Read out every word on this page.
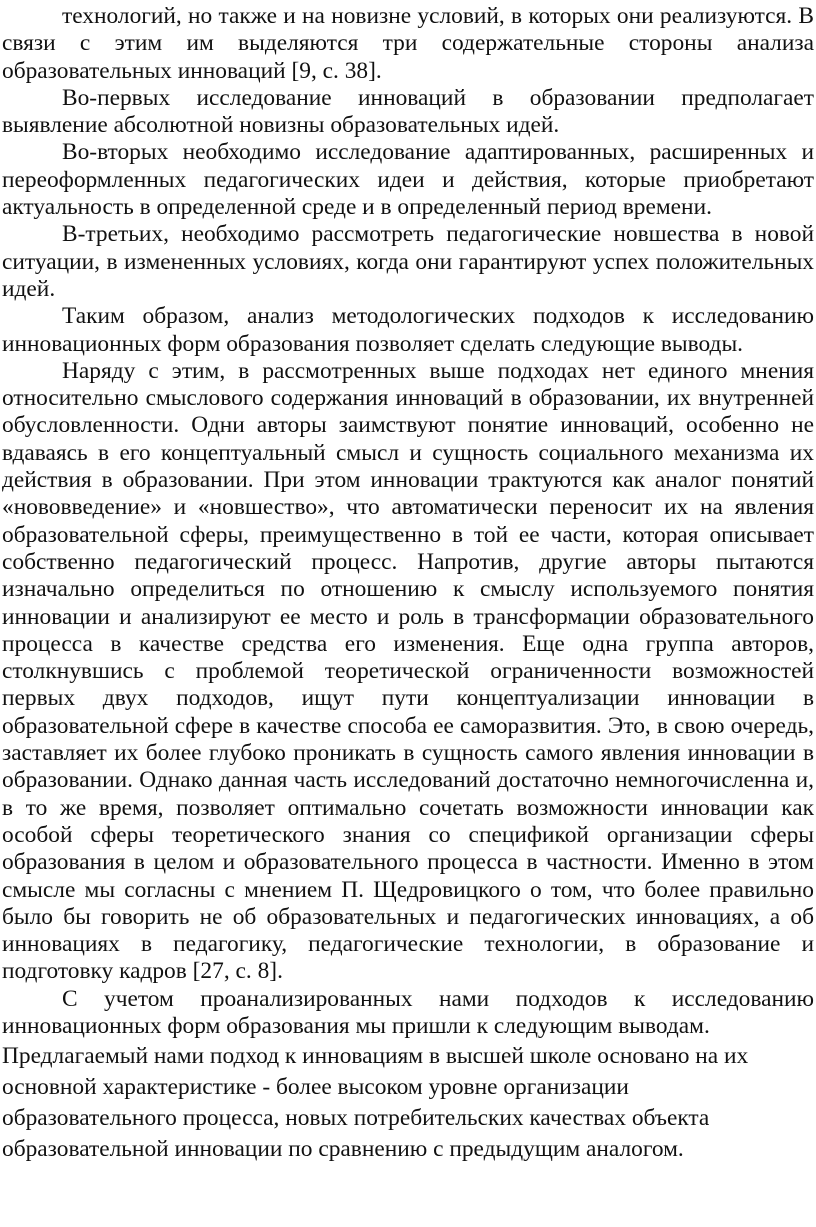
технологий, но также и на новизне условий, в которых они реализуются. В связи с этим им выделяются три содержательные стороны анализа образовательных инноваций [9, с. 38].

Во-первых исследование инноваций в образовании предполагает выявление абсолютной новизны образовательных идей.

Во-вторых необходимо исследование адаптированных, расширенных и переоформленных педагогических идеи и действия, которые приобретают актуальность в определенной среде и в определенный период времени.

В-третьих, необходимо рассмотреть педагогические новшества в новой ситуации, в измененных условиях, когда они гарантируют успех положительных идей.

Таким образом, анализ методологических подходов к исследованию инновационных форм образования позволяет сделать следующие выводы.

Наряду с этим, в рассмотренных выше подходах нет единого мнения относительно смыслового содержания инноваций в образовании, их внутренней обусловленности. Одни авторы заимствуют понятие инноваций, особенно не вдаваясь в его концептуальный смысл и сущность социального механизма их действия в образовании. При этом инновации трактуются как аналог понятий «нововведение» и «новшество», что автоматически переносит их на явления образовательной сферы, преимущественно в той ее части, которая описывает собственно педагогический процесс. Напротив, другие авторы пытаются изначально определиться по отношению к смыслу используемого понятия инновации и анализируют ее место и роль в трансформации образовательного процесса в качестве средства его изменения. Еще одна группа авторов, столкнувшись с проблемой теоретической ограниченности возможностей первых двух подходов, ищут пути концептуализации инновации в образовательной сфере в качестве способа ее саморазвития. Это, в свою очередь, заставляет их более глубоко проникать в сущность самого явления инновации в образовании. Однако данная часть исследований достаточно немногочисленна и, в то же время, позволяет оптимально сочетать возможности инновации как особой сферы теоретического знания со спецификой организации сферы образования в целом и образовательного процесса в частности. Именно в этом смысле мы согласны с мнением П. Щедровицкого о том, что более правильно было бы говорить не об образовательных и педагогических инновациях, а об инновациях в педагогику, педагогические технологии, в образование и подготовку кадров [27, с. 8].

С учетом проанализированных нами подходов к исследованию инновационных форм образования мы пришли к следующим выводам.

Предлагаемый нами подход к инновациям в высшей школе основано на их
основной характеристике - более высоком уровне организации
образовательного процесса, новых потребительских качествах объекта
образовательной инновации по сравнению с предыдущим аналогом.
